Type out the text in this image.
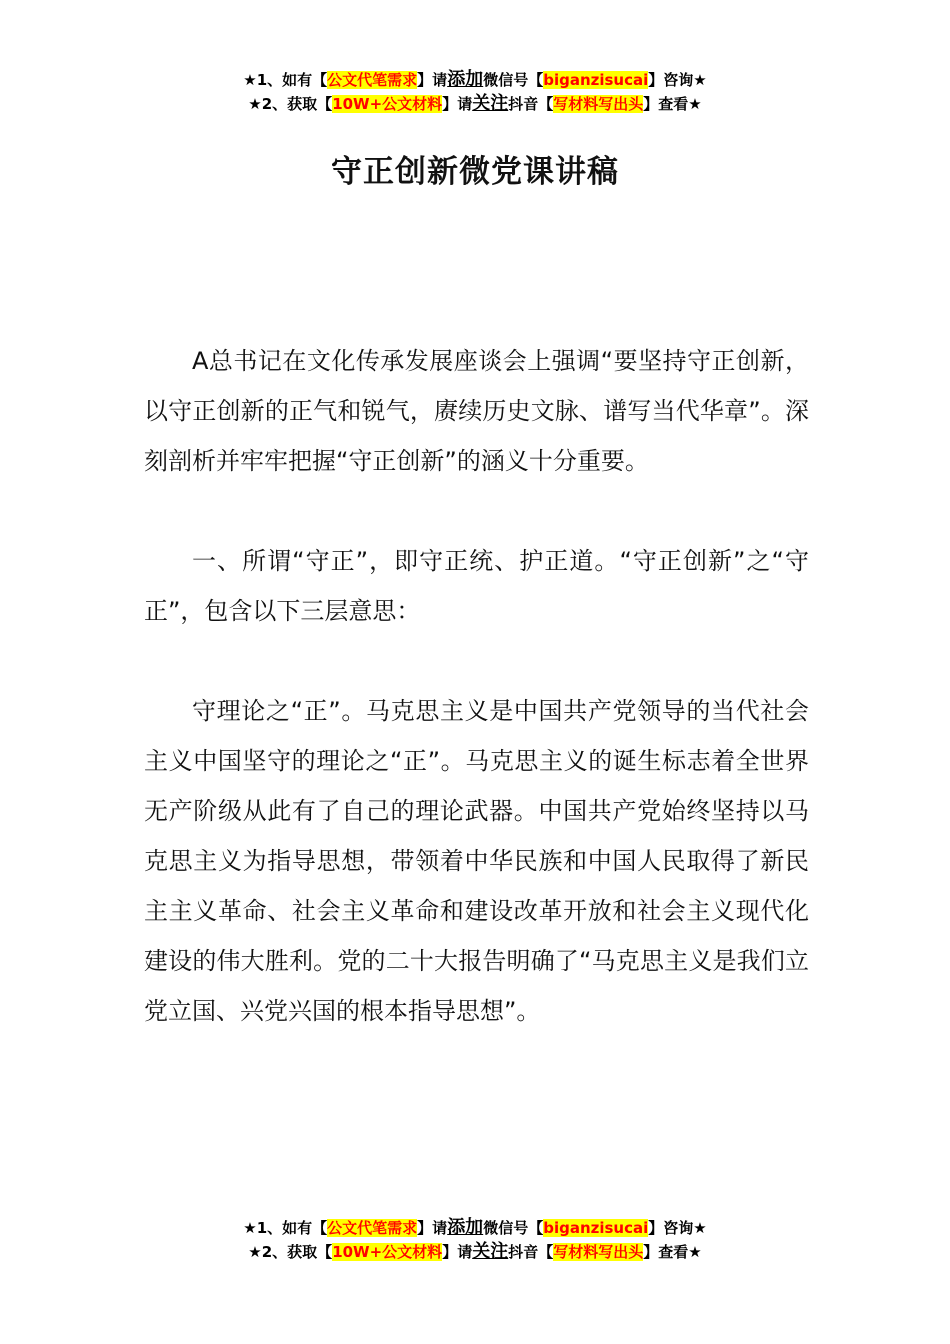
★1、如有【公文代笔需求】请添加微信号【biganzisucai】咨询★
★2、获取【10W+公文材料】请关注抖音【写材料写出头】查看★
守正创新微党课讲稿

A总书记在文化传承发展座谈会上强调“要坚持守正创新，以守正创新的正气和锐气，赓续历史文脉、谱写当代华章”。深刻剖析并牢牢把握“守正创新”的涵义十分重要。

一、所谓“守正”，即守正统、护正道。“守正创新”之“守正”，包含以下三层意思：

守理论之“正”。马克思主义是中国共产党领导的当代社会主义中国坚守的理论之“正”。马克思主义的诞生标志着全世界无产阶级从此有了自己的理论武器。中国共产党始终坚持以马克思主义为指导思想，带领着中华民族和中国人民取得了新民主主义革命、社会主义革命和建设改革开放和社会主义现代化建设的伟大胜利。党的二十大报告明确了“马克思主义是我们立党立国、兴党兴国的根本指导思想”。

★1、如有【公文代笔需求】请添加微信号【biganzisucai】咨询★
★2、获取【10W+公文材料】请关注抖音【写材料写出头】查看★
